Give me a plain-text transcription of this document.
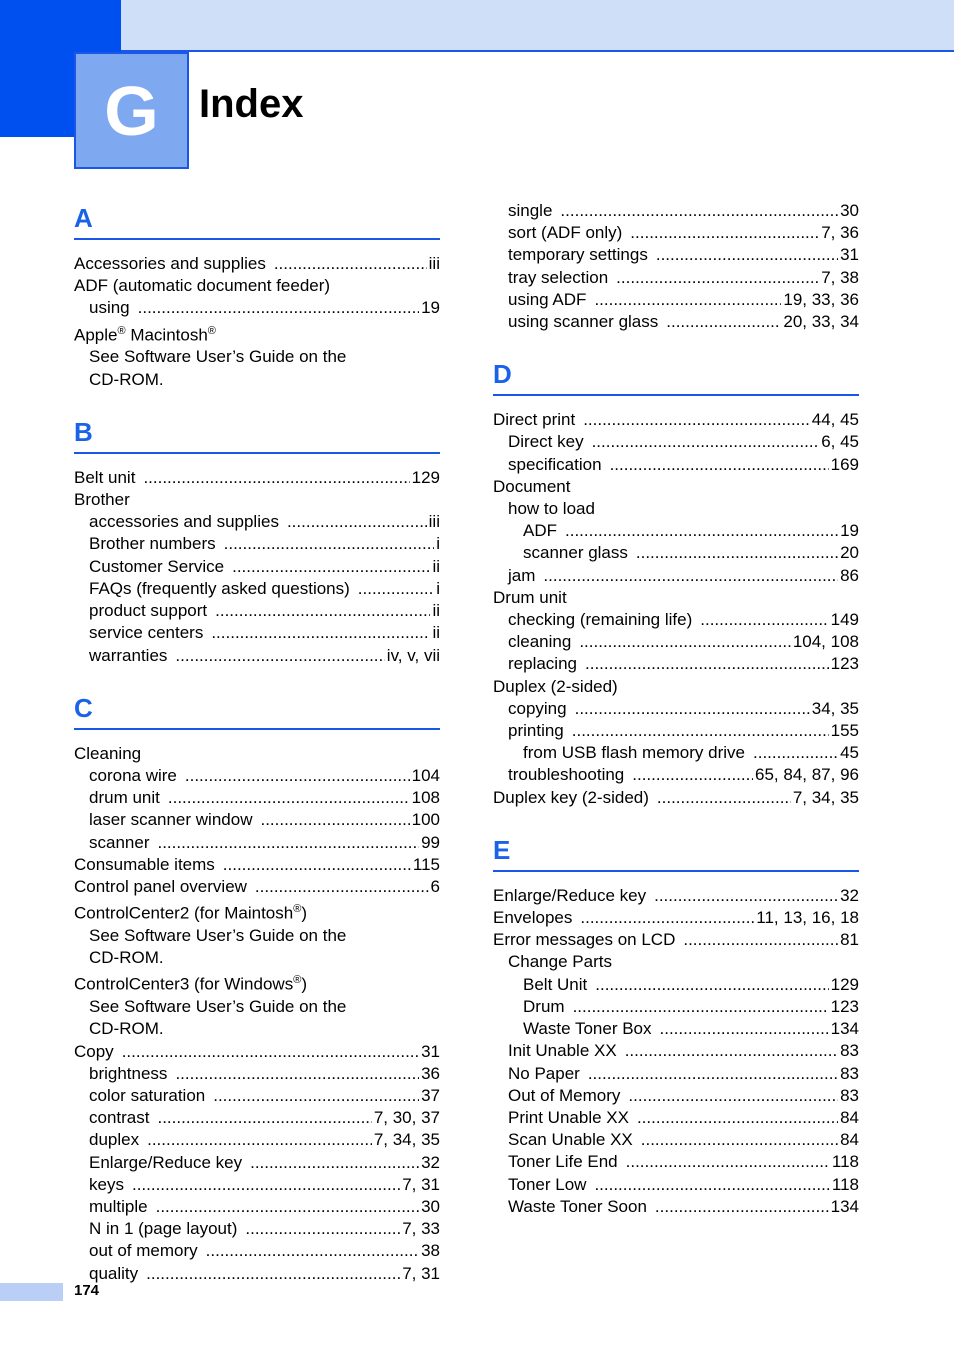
G Index
A
Accessories and supplies .....	iii
ADF (automatic document feeder)
using .....	19
Apple® Macintosh®
See Software User’s Guide on the
CD-ROM.
B
Belt unit .....	129
Brother
accessories and supplies .....	iii
Brother numbers .....	i
Customer Service .....	ii
FAQs (frequently asked questions) .....	i
product support .....	ii
service centers .....	ii
warranties .....	iv, v, vii
C
Cleaning
corona wire .....	104
drum unit .....	108
laser scanner window .....	100
scanner .....	99
Consumable items .....	115
Control panel overview .....	6
ControlCenter2 (for Maintosh®)
See Software User’s Guide on the
CD-ROM.
ControlCenter3 (for Windows®)
See Software User’s Guide on the
CD-ROM.
Copy .....	31
brightness .....	36
color saturation .....	37
contrast .....	7, 30, 37
duplex .....	7, 34, 35
Enlarge/Reduce key .....	32
keys .....	7, 31
multiple .....	30
N in 1 (page layout) .....	7, 33
out of memory .....	38
quality .....	7, 31
single .....	30
sort (ADF only) .....	7, 36
temporary settings .....	31
tray selection .....	7, 38
using ADF .....	19, 33, 36
using scanner glass .....	20, 33, 34
D
Direct print .....	44, 45
Direct key .....	6, 45
specification .....	169
Document
how to load
ADF .....	19
scanner glass .....	20
jam .....	86
Drum unit
checking (remaining life) .....	149
cleaning .....	104, 108
replacing .....	123
Duplex (2-sided)
copying .....	34, 35
printing .....	155
from USB flash memory drive .....	45
troubleshooting .....	65, 84, 87, 96
Duplex key (2-sided) .....	7, 34, 35
E
Enlarge/Reduce key .....	32
Envelopes .....	11, 13, 16, 18
Error messages on LCD .....	81
Change Parts
Belt Unit .....	129
Drum .....	123
Waste Toner Box .....	134
Init Unable XX .....	83
No Paper .....	83
Out of Memory .....	83
Print Unable XX .....	84
Scan Unable XX .....	84
Toner Life End .....	118
Toner Low .....	118
Waste Toner Soon .....	134
174
